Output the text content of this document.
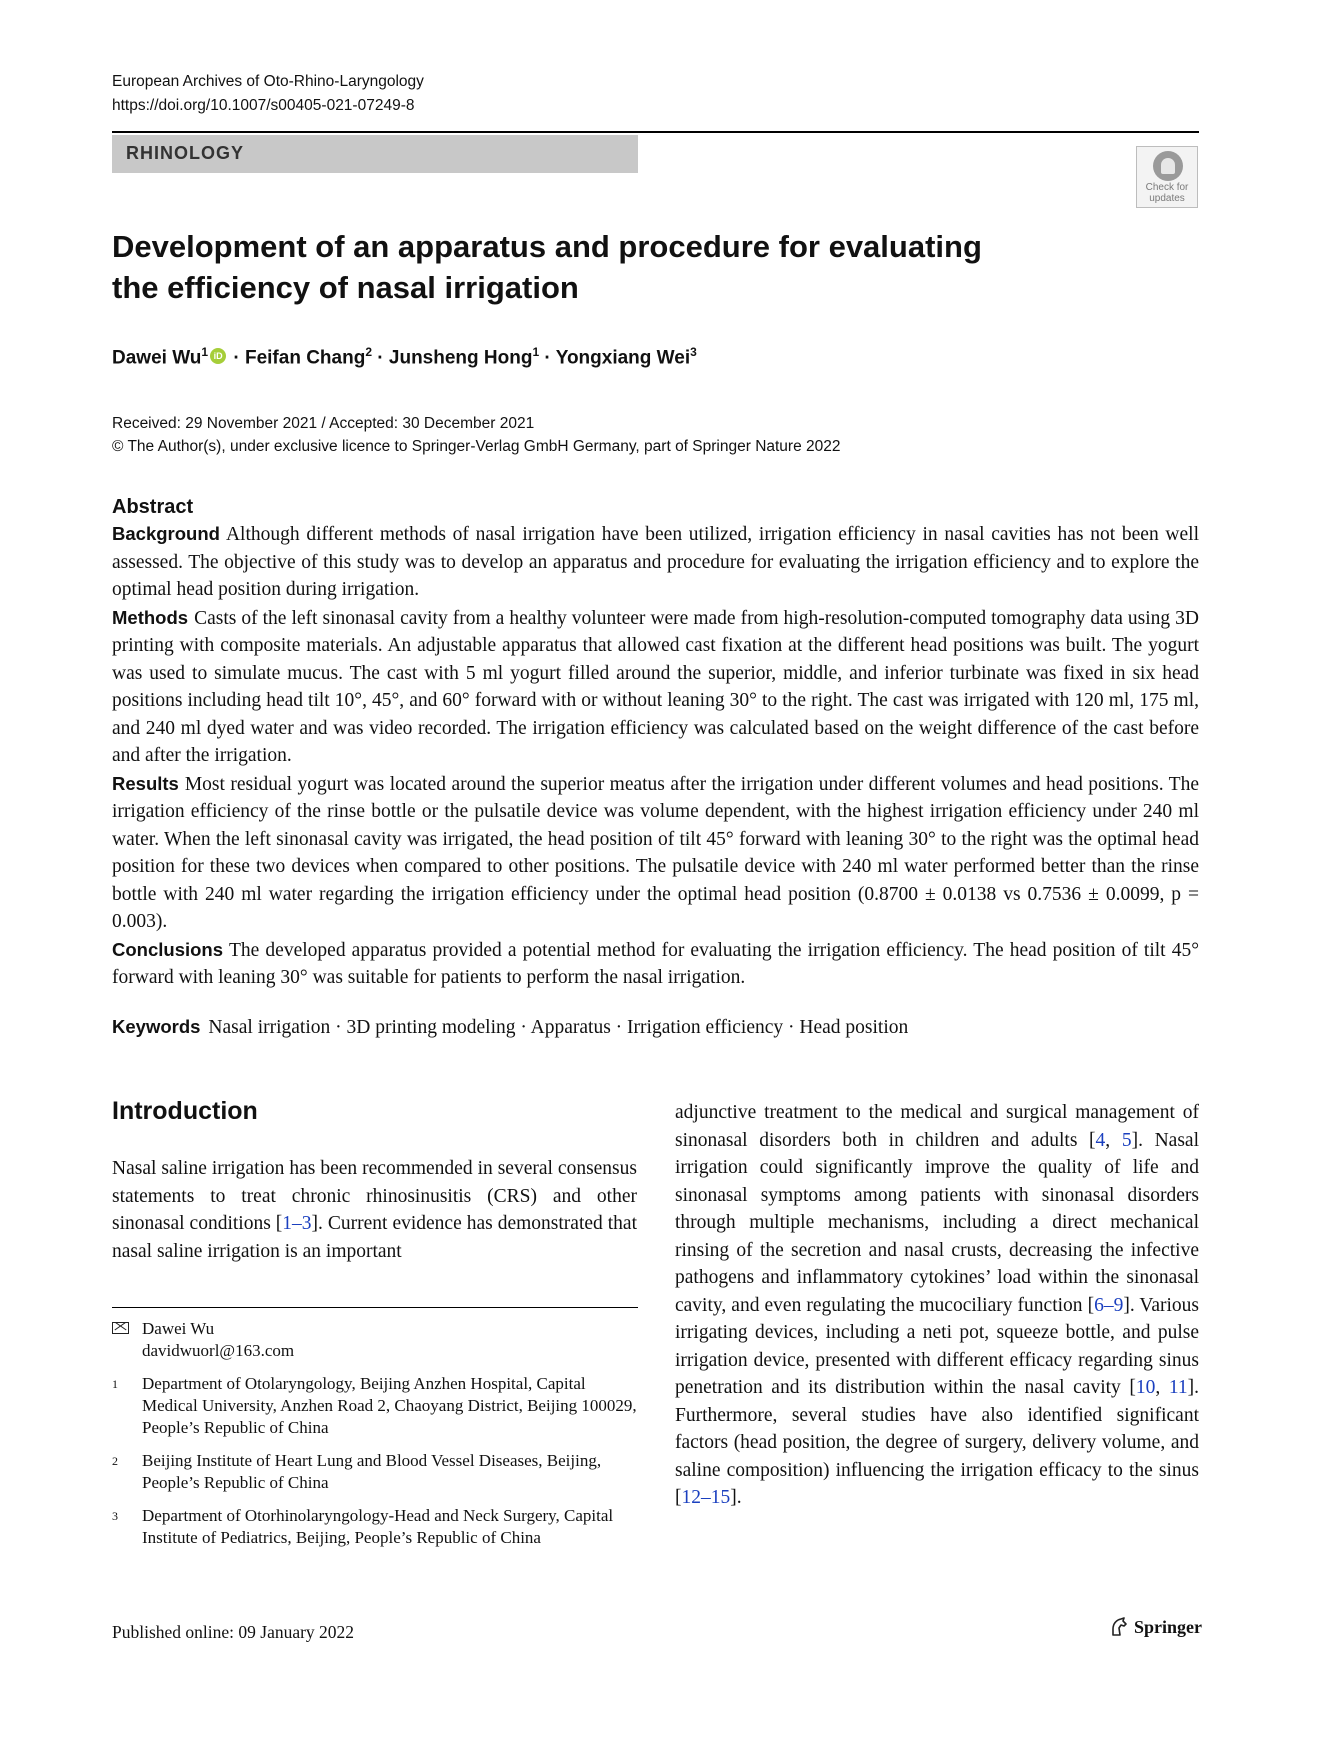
European Archives of Oto-Rhino-Laryngology
https://doi.org/10.1007/s00405-021-07249-8
RHINOLOGY
Check for updates
Development of an apparatus and procedure for evaluating
the efficiency of nasal irrigation
Dawei Wu$^1$ iD · Feifan Chang$^2$ · Junsheng Hong$^1$ · Yongxiang Wei$^3$
Received: 29 November 2021 / Accepted: 30 December 2021
© The Author(s), under exclusive licence to Springer-Verlag GmbH Germany, part of Springer Nature 2022
Abstract

Background Although different methods of nasal irrigation have been utilized, irrigation efficiency in nasal cavities has not been well assessed. The objective of this study was to develop an apparatus and procedure for evaluating the irrigation efficiency and to explore the optimal head position during irrigation.

Methods Casts of the left sinonasal cavity from a healthy volunteer were made from high-resolution-computed tomography data using 3D printing with composite materials. An adjustable apparatus that allowed cast fixation at the different head positions was built. The yogurt was used to simulate mucus. The cast with 5 ml yogurt filled around the superior, middle, and inferior turbinate was fixed in six head positions including head tilt 10°, 45°, and 60° forward with or without leaning 30° to the right. The cast was irrigated with 120 ml, 175 ml, and 240 ml dyed water and was video recorded. The irrigation efficiency was calculated based on the weight difference of the cast before and after the irrigation.

Results Most residual yogurt was located around the superior meatus after the irrigation under different volumes and head positions. The irrigation efficiency of the rinse bottle or the pulsatile device was volume dependent, with the highest irrigation efficiency under 240 ml water. When the left sinonasal cavity was irrigated, the head position of tilt 45° forward with leaning 30° to the right was the optimal head position for these two devices when compared to other positions. The pulsatile device with 240 ml water performed better than the rinse bottle with 240 ml water regarding the irrigation efficiency under the optimal head position (0.8700 ± 0.0138 vs 0.7536 ± 0.0099, p = 0.003).

Conclusions The developed apparatus provided a potential method for evaluating the irrigation efficiency. The head position of tilt 45° forward with leaning 30° was suitable for patients to perform the nasal irrigation.

Keywords Nasal irrigation · 3D printing modeling · Apparatus · Irrigation efficiency · Head position
Introduction
Nasal saline irrigation has been recommended in several consensus statements to treat chronic rhinosinusitis (CRS) and other sinonasal conditions [1–3]. Current evidence has demonstrated that nasal saline irrigation is an important
adjunctive treatment to the medical and surgical management of sinonasal disorders both in children and adults [4, 5]. Nasal irrigation could significantly improve the quality of life and sinonasal symptoms among patients with sinonasal disorders through multiple mechanisms, including a direct mechanical rinsing of the secretion and nasal crusts, decreasing the infective pathogens and inflammatory cytokines’ load within the sinonasal cavity, and even regulating the mucociliary function [6–9]. Various irrigating devices, including a neti pot, squeeze bottle, and pulse irrigation device, presented with different efficacy regarding sinus penetration and its distribution within the nasal cavity [10, 11]. Furthermore, several studies have also identified significant factors (head position, the degree of surgery, delivery volume, and saline composition) influencing the irrigation efficacy to the sinus [12–15].
Dawei Wu
davidwuorl@163.com
1 Department of Otolaryngology, Beijing Anzhen Hospital, Capital Medical University, Anzhen Road 2, Chaoyang District, Beijing 100029, People’s Republic of China
2 Beijing Institute of Heart Lung and Blood Vessel Diseases, Beijing, People’s Republic of China
3 Department of Otorhinolaryngology-Head and Neck Surgery, Capital Institute of Pediatrics, Beijing, People’s Republic of China
Published online: 09 January 2022	Springer
